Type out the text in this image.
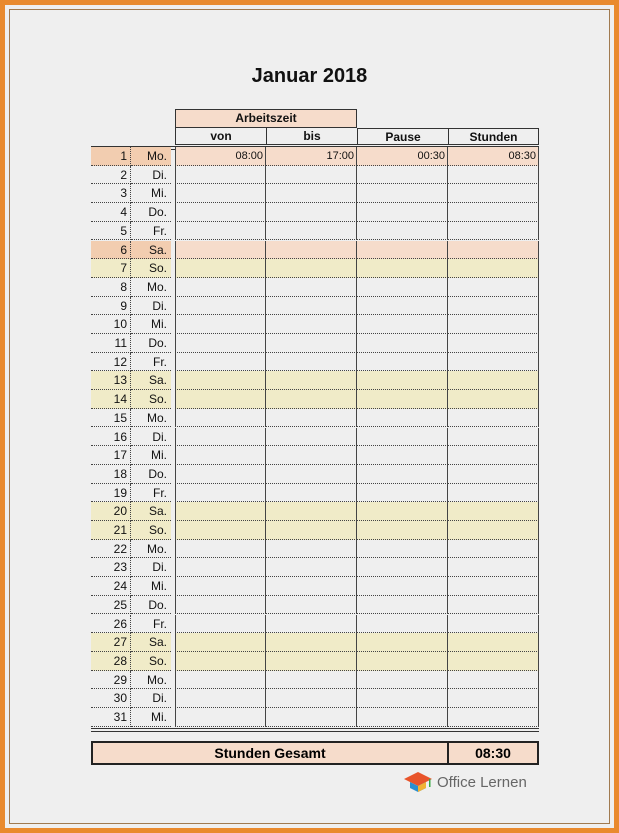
Januar 2018
Arbeitszeit
von	bis	Pause	Stunden
1	Mo.	08:00	17:00	00:30	08:30
2	Di.
3	Mi.
4	Do.
5	Fr.
6	Sa.
7	So.
8	Mo.
9	Di.
10	Mi.
11	Do.
12	Fr.
13	Sa.
14	So.
15	Mo.
16	Di.
17	Mi.
18	Do.
19	Fr.
20	Sa.
21	So.
22	Mo.
23	Di.
24	Mi.
25	Do.
26	Fr.
27	Sa.
28	So.
29	Mo.
30	Di.
31	Mi.
Stunden Gesamt	08:30

Office Lernen
